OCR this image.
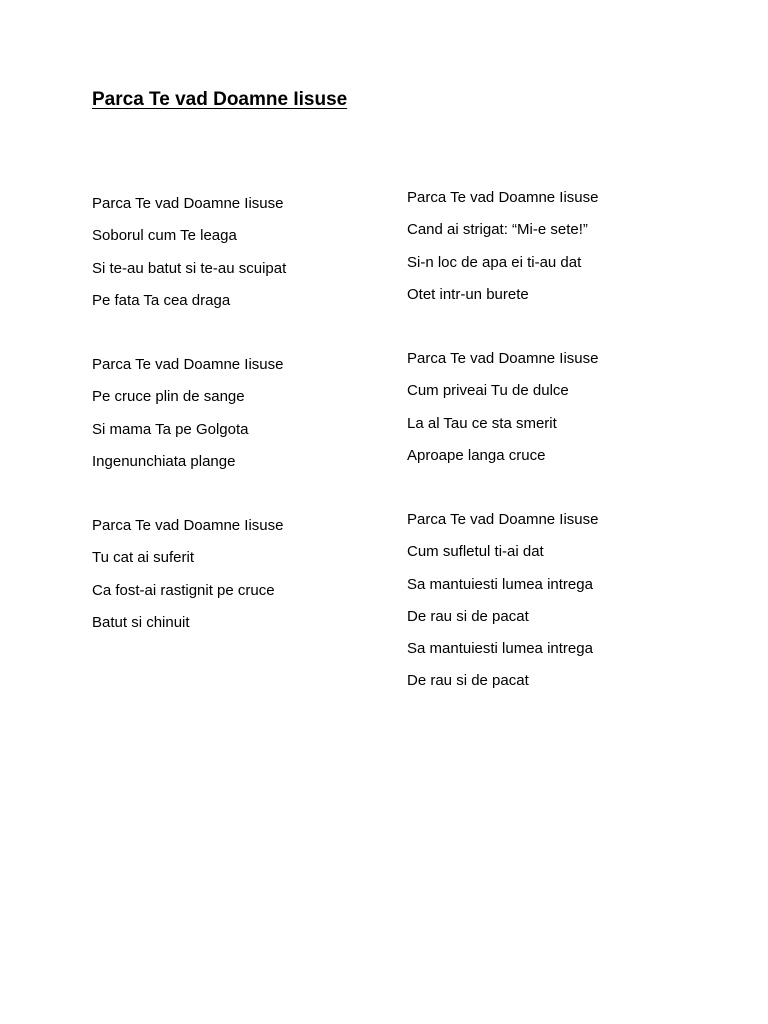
Parca Te vad Doamne Iisuse
Parca Te vad Doamne Iisuse
Soborul cum Te leaga
Si te-au batut si te-au scuipat
Pe fata Ta cea draga
Parca Te vad Doamne Iisuse
Pe cruce plin de sange
Si mama Ta pe Golgota
Ingenunchiata plange
Parca Te vad Doamne Iisuse
Tu cat ai suferit
Ca fost-ai rastignit pe cruce
Batut si chinuit
Parca Te vad Doamne Iisuse
Cand ai strigat: “Mi-e sete!”
Si-n loc de apa ei ti-au dat
Otet intr-un burete
Parca Te vad Doamne Iisuse
Cum priveai Tu de dulce
La al Tau ce sta smerit
Aproape langa cruce
Parca Te vad Doamne Iisuse
Cum sufletul ti-ai dat
Sa mantuiesti lumea intrega
De rau si de pacat
Sa mantuiesti lumea intrega
De rau si de pacat
